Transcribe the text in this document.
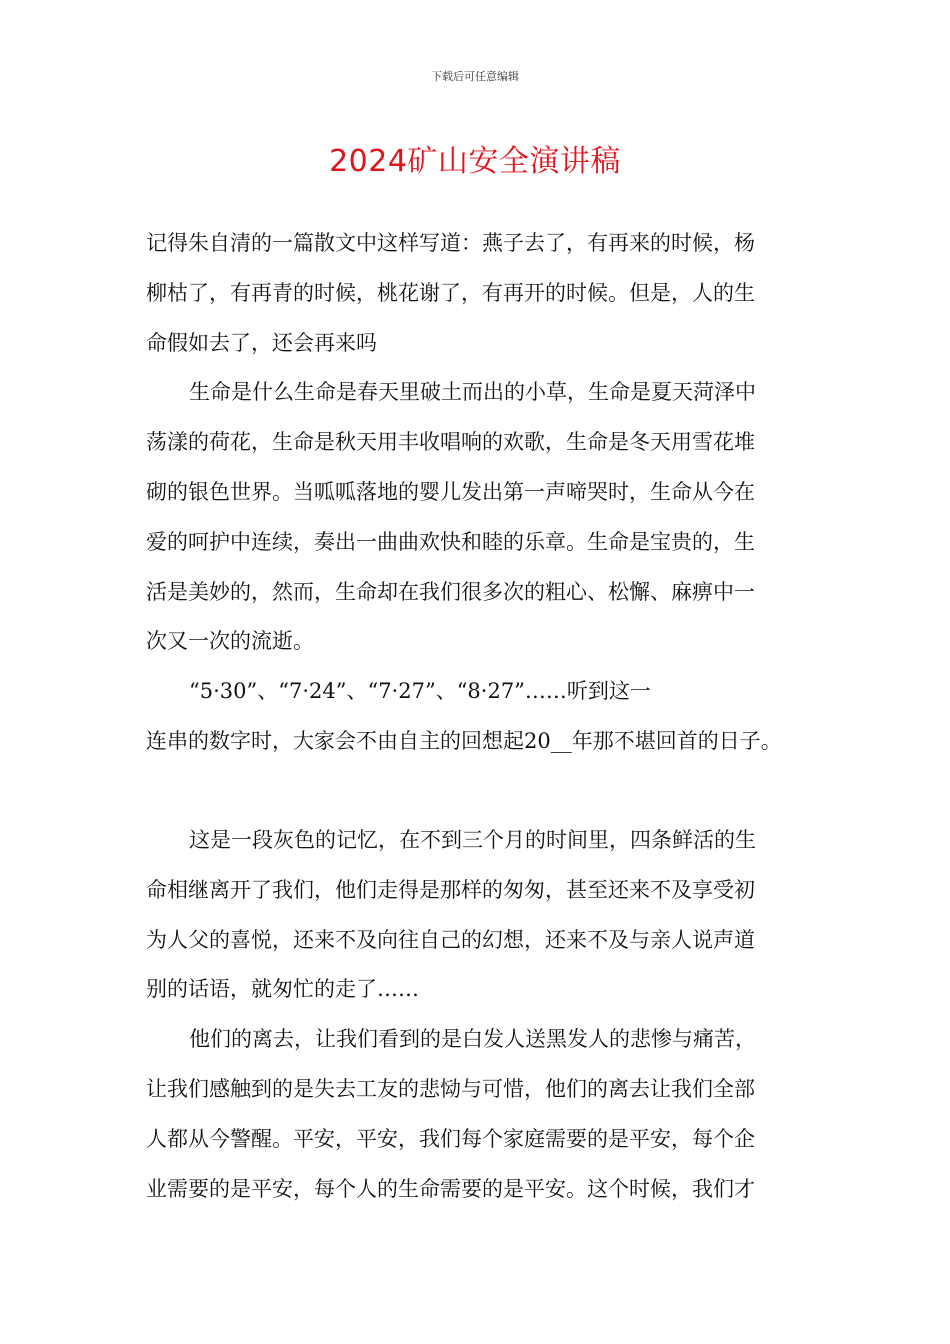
下载后可任意编辑
2024矿山安全演讲稿
记得朱自清的一篇散文中这样写道：燕子去了，有再来的时候，杨
柳枯了，有再青的时候，桃花谢了，有再开的时候。但是，人的生
命假如去了，还会再来吗
生命是什么生命是春天里破土而出的小草，生命是夏天菏泽中
荡漾的荷花，生命是秋天用丰收唱响的欢歌，生命是冬天用雪花堆
砌的银色世界。当呱呱落地的婴儿发出第一声啼哭时，生命从今在
爱的呵护中连续，奏出一曲曲欢快和睦的乐章。生命是宝贵的，生
活是美妙的，然而，生命却在我们很多次的粗心、松懈、麻痹中一
次又一次的流逝。
“5·30”、“7·24”、“7·27”、“8·27”……听到这一
连串的数字时，大家会不由自主的回想起20__年那不堪回首的日子。
这是一段灰色的记忆，在不到三个月的时间里，四条鲜活的生
命相继离开了我们，他们走得是那样的匆匆，甚至还来不及享受初
为人父的喜悦，还来不及向往自己的幻想，还来不及与亲人说声道
别的话语，就匆忙的走了……
他们的离去，让我们看到的是白发人送黑发人的悲惨与痛苦，
让我们感触到的是失去工友的悲恸与可惜，他们的离去让我们全部
人都从今警醒。平安，平安，我们每个家庭需要的是平安，每个企
业需要的是平安，每个人的生命需要的是平安。这个时候，我们才
